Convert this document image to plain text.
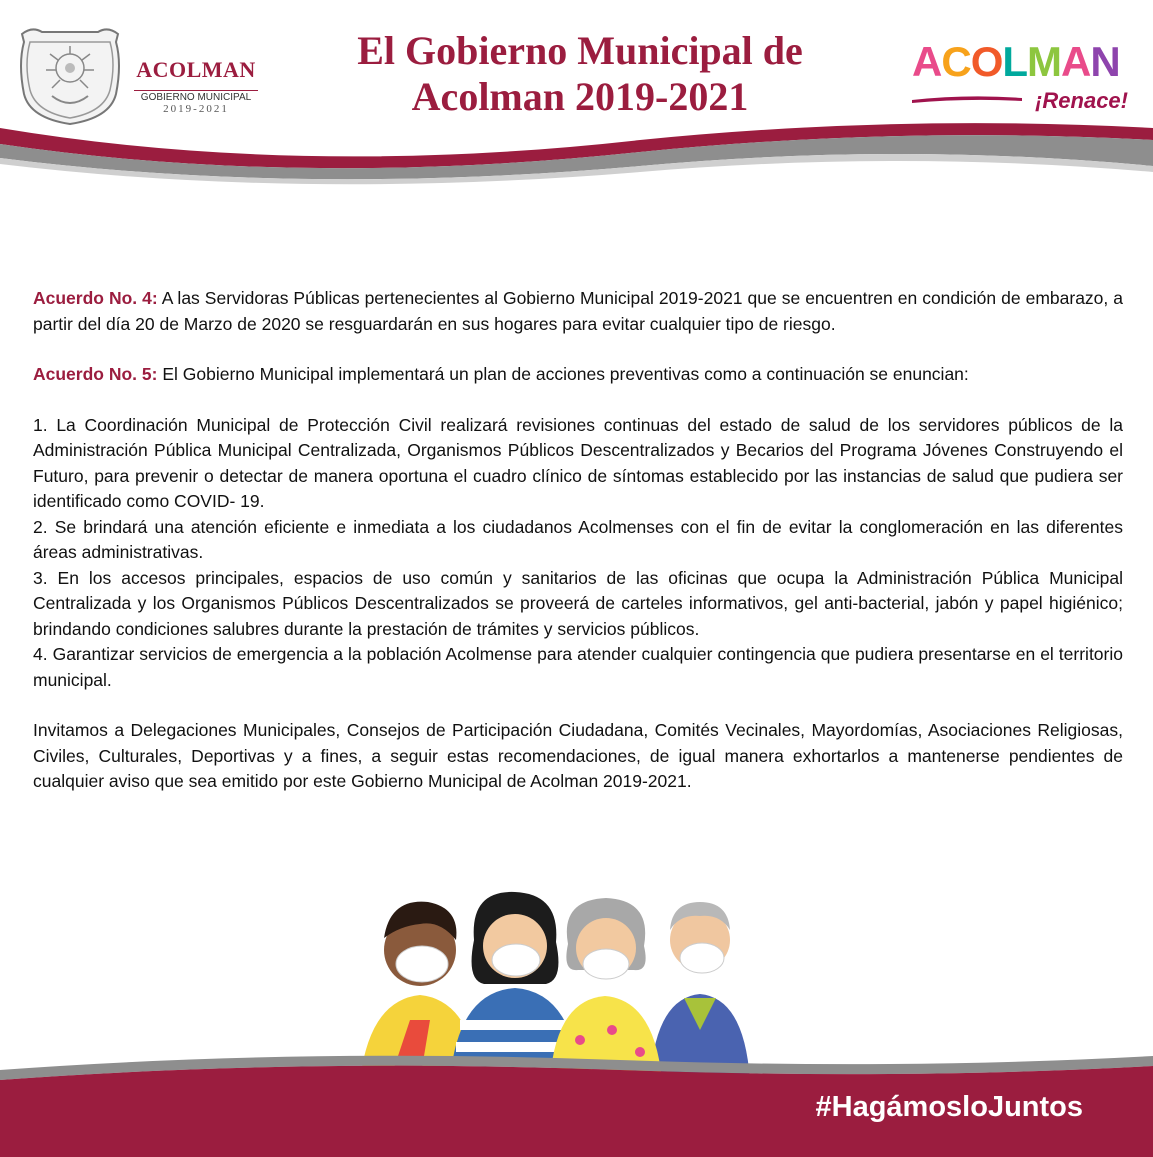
ACOLMAN
GOBIERNO MUNICIPAL
2019-2021
El Gobierno Municipal de
Acolman 2019-2021
A C O L M A N
¡Renace!

Acuerdo No. 4: A las Servidoras Públicas pertenecientes al Gobierno Municipal 2019-2021 que se encuentren en condición de embarazo, a partir del día 20 de Marzo de 2020 se resguardarán en sus hogares para evitar cualquier tipo de riesgo.

Acuerdo No. 5: El Gobierno Municipal implementará un plan de acciones preventivas como a continuación se enuncian:

1. La Coordinación Municipal de Protección Civil realizará revisiones continuas del estado de salud de los servidores públicos de la Administración Pública Municipal Centralizada, Organismos Públicos Descentralizados y Becarios del Programa Jóvenes Construyendo el Futuro, para prevenir o detectar de manera oportuna el cuadro clínico de síntomas establecido por las instancias de salud que pudiera ser identificado como COVID- 19.

2. Se brindará una atención eficiente e inmediata a los ciudadanos Acolmenses con el fin de evitar la conglomeración en las diferentes áreas administrativas.

3. En los accesos principales, espacios de uso común y sanitarios de las oficinas que ocupa la Administración Pública Municipal Centralizada y los Organismos Públicos Descentralizados se proveerá de carteles informativos, gel anti-bacterial, jabón y papel higiénico; brindando condiciones salubres durante la prestación de trámites y servicios públicos.

4. Garantizar servicios de emergencia a la población Acolmense para atender cualquier contingencia que pudiera presentarse en el territorio municipal.

Invitamos a Delegaciones Municipales, Consejos de Participación Ciudadana, Comités Vecinales, Mayordomías, Asociaciones Religiosas, Civiles, Culturales, Deportivas y a fines, a seguir estas recomendaciones, de igual manera exhortarlos a mantenerse pendientes de cualquier aviso que sea emitido por este Gobierno Municipal de Acolman 2019-2021.

#HagámosloJuntos
